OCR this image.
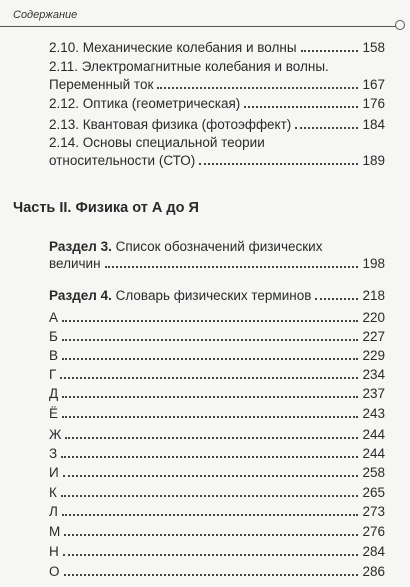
Содержание
2.10. Механические колебания и волны	158
2.11. Электромагнитные колебания и волны.
Переменный ток	167
2.12. Оптика (геометрическая)	176
2.13. Квантовая физика (фотоэффект)	184
2.14. Основы специальной теории
относительности (СТО)	189
Часть II. Физика от А до Я
Раздел 3. Список обозначений физических
величин	198
Раздел 4. Словарь физических терминов	218
А	220
Б	227
В	229
Г	234
Д	237
Ё	243
Ж	244
З	244
И	258
К	265
Л	273
М	276
Н	284
О	286
